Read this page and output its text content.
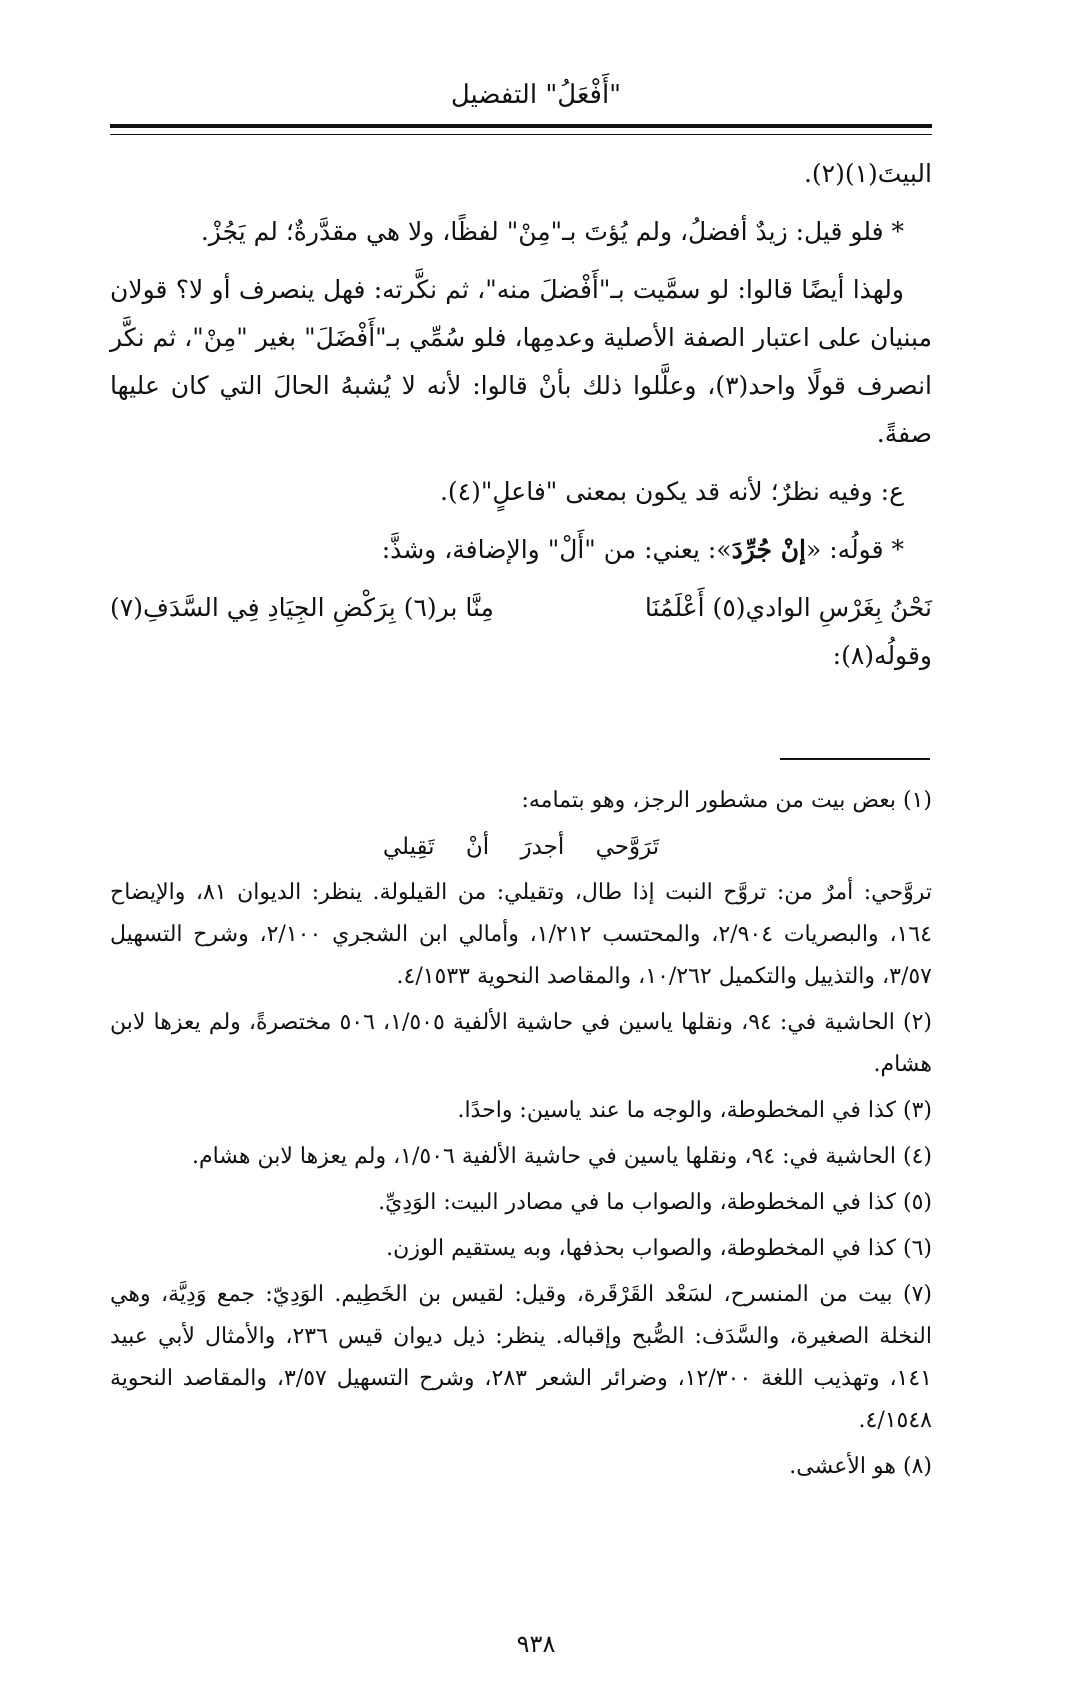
"أَفْعَلُ" التفضيل

البيتَ(١)(٢).

* فلو قيل: زيدٌ أفضلُ، ولم يُؤتَ بـ"مِنْ" لفظًا، ولا هي مقدَّرةٌ؛ لم يَجُزْ.

ولهذا أيضًا قالوا: لو سمَّيت بـ"أَفْضلَ منه"، ثم نكَّرته: فهل ينصرف أو لا؟ قولان مبنيان على اعتبار الصفة الأصلية وعدمِها، فلو سُمِّي بـ"أَفْضَلَ" بغير "مِنْ"، ثم نكَّر انصرف قولًا واحد(٣)، وعلَّلوا ذلك بأنْ قالوا: لأنه لا يُشبهُ الحالَ التي كان عليها صفةً.

ع: وفيه نظرٌ؛ لأنه قد يكون بمعنى "فاعلٍ"(٤).

* قولُه: «إنْ جُرِّدَ»: يعني: من "أَلْ" والإضافة، وشذَّ:

نَحْنُ بِغَرْسِ الوادي(٥) أَعْلَمُنَا
مِنَّا بر(٦) بِرَكْضِ الجِيَادِ فِي السَّدَفِ(٧)

وقولُه(٨):

(١) بعض بيت من مشطور الرجز، وهو بتمامه:

تَرَوَّحي أجدرَ أنْ تَقِيلي

تروَّحي: أمرٌ من: تروَّح النبت إذا طال، وتقيلي: من القيلولة. ينظر: الديوان ٨١، والإيضاح ١٦٤، والبصريات ٢/٩٠٤، والمحتسب ١/٢١٢، وأمالي ابن الشجري ٢/١٠٠، وشرح التسهيل ٣/٥٧، والتذييل والتكميل ١٠/٢٦٢، والمقاصد النحوية ٤/١٥٣٣.

(٢) الحاشية في: ٩٤، ونقلها ياسين في حاشية الألفية ١/٥٠٥، ٥٠٦ مختصرةً، ولم يعزها لابن هشام.

(٣) كذا في المخطوطة، والوجه ما عند ياسين: واحدًا.

(٤) الحاشية في: ٩٤، ونقلها ياسين في حاشية الألفية ١/٥٠٦، ولم يعزها لابن هشام.

(٥) كذا في المخطوطة، والصواب ما في مصادر البيت: الوَدِيِّ.

(٦) كذا في المخطوطة، والصواب بحذفها، وبه يستقيم الوزن.

(٧) بيت من المنسرح، لسَعْد القَرْقَرة، وقيل: لقيس بن الخَطِيم. الوَدِيّ: جمع وَدِيَّة، وهي النخلة الصغيرة، والسَّدَف: الصُّبح وإقباله. ينظر: ذيل ديوان قيس ٢٣٦، والأمثال لأبي عبيد ١٤١، وتهذيب اللغة ١٢/٣٠٠، وضرائر الشعر ٢٨٣، وشرح التسهيل ٣/٥٧، والمقاصد النحوية ٤/١٥٤٨.

(٨) هو الأعشى.

٩٣٨
